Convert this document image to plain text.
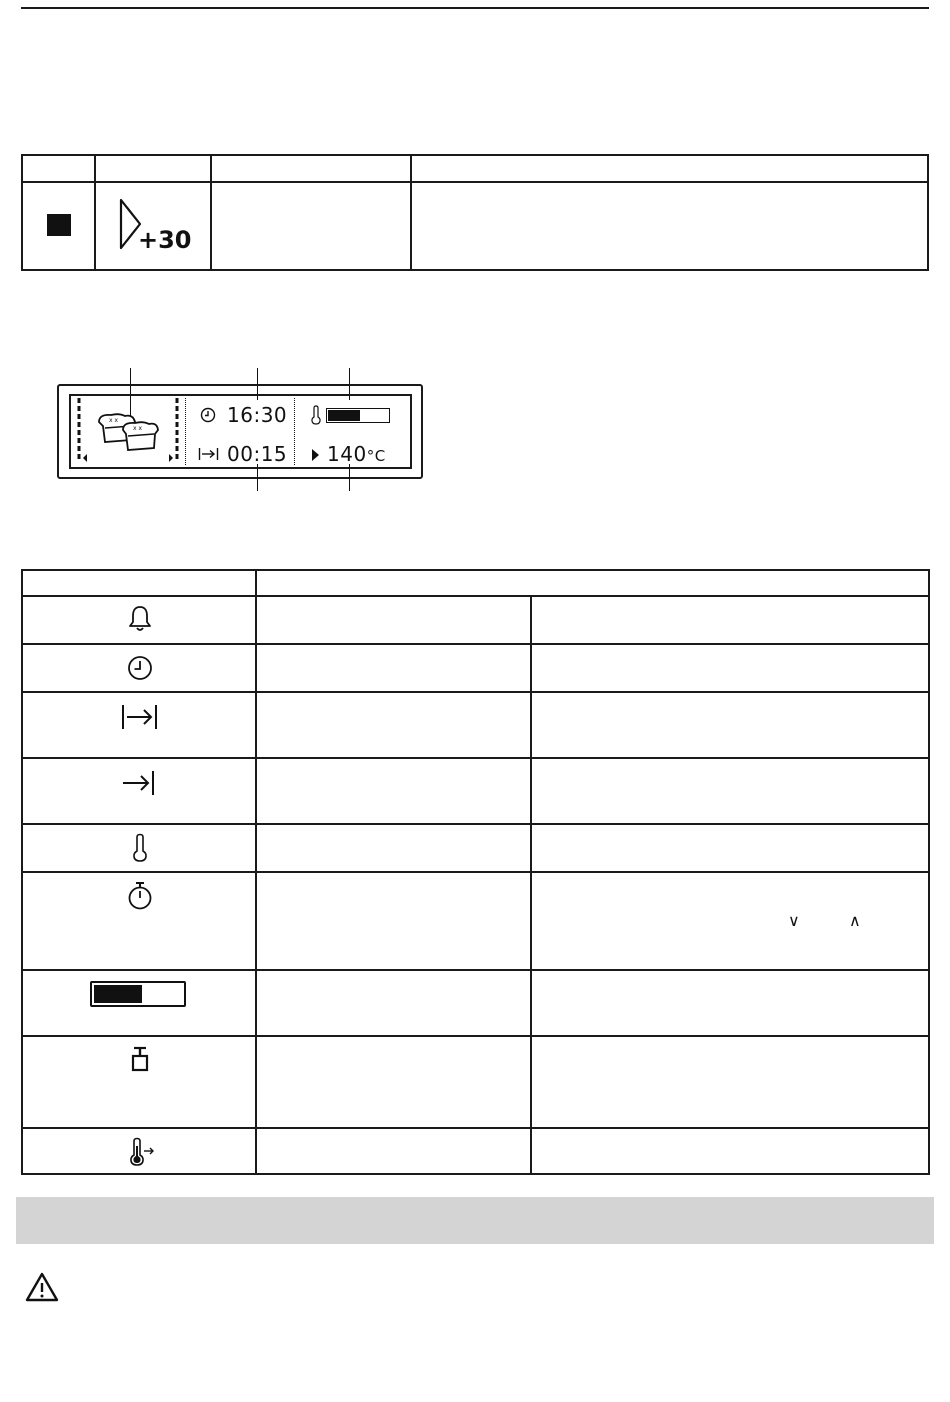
+30
x x
x x
16:30
00:15 140°C
∨	∧
